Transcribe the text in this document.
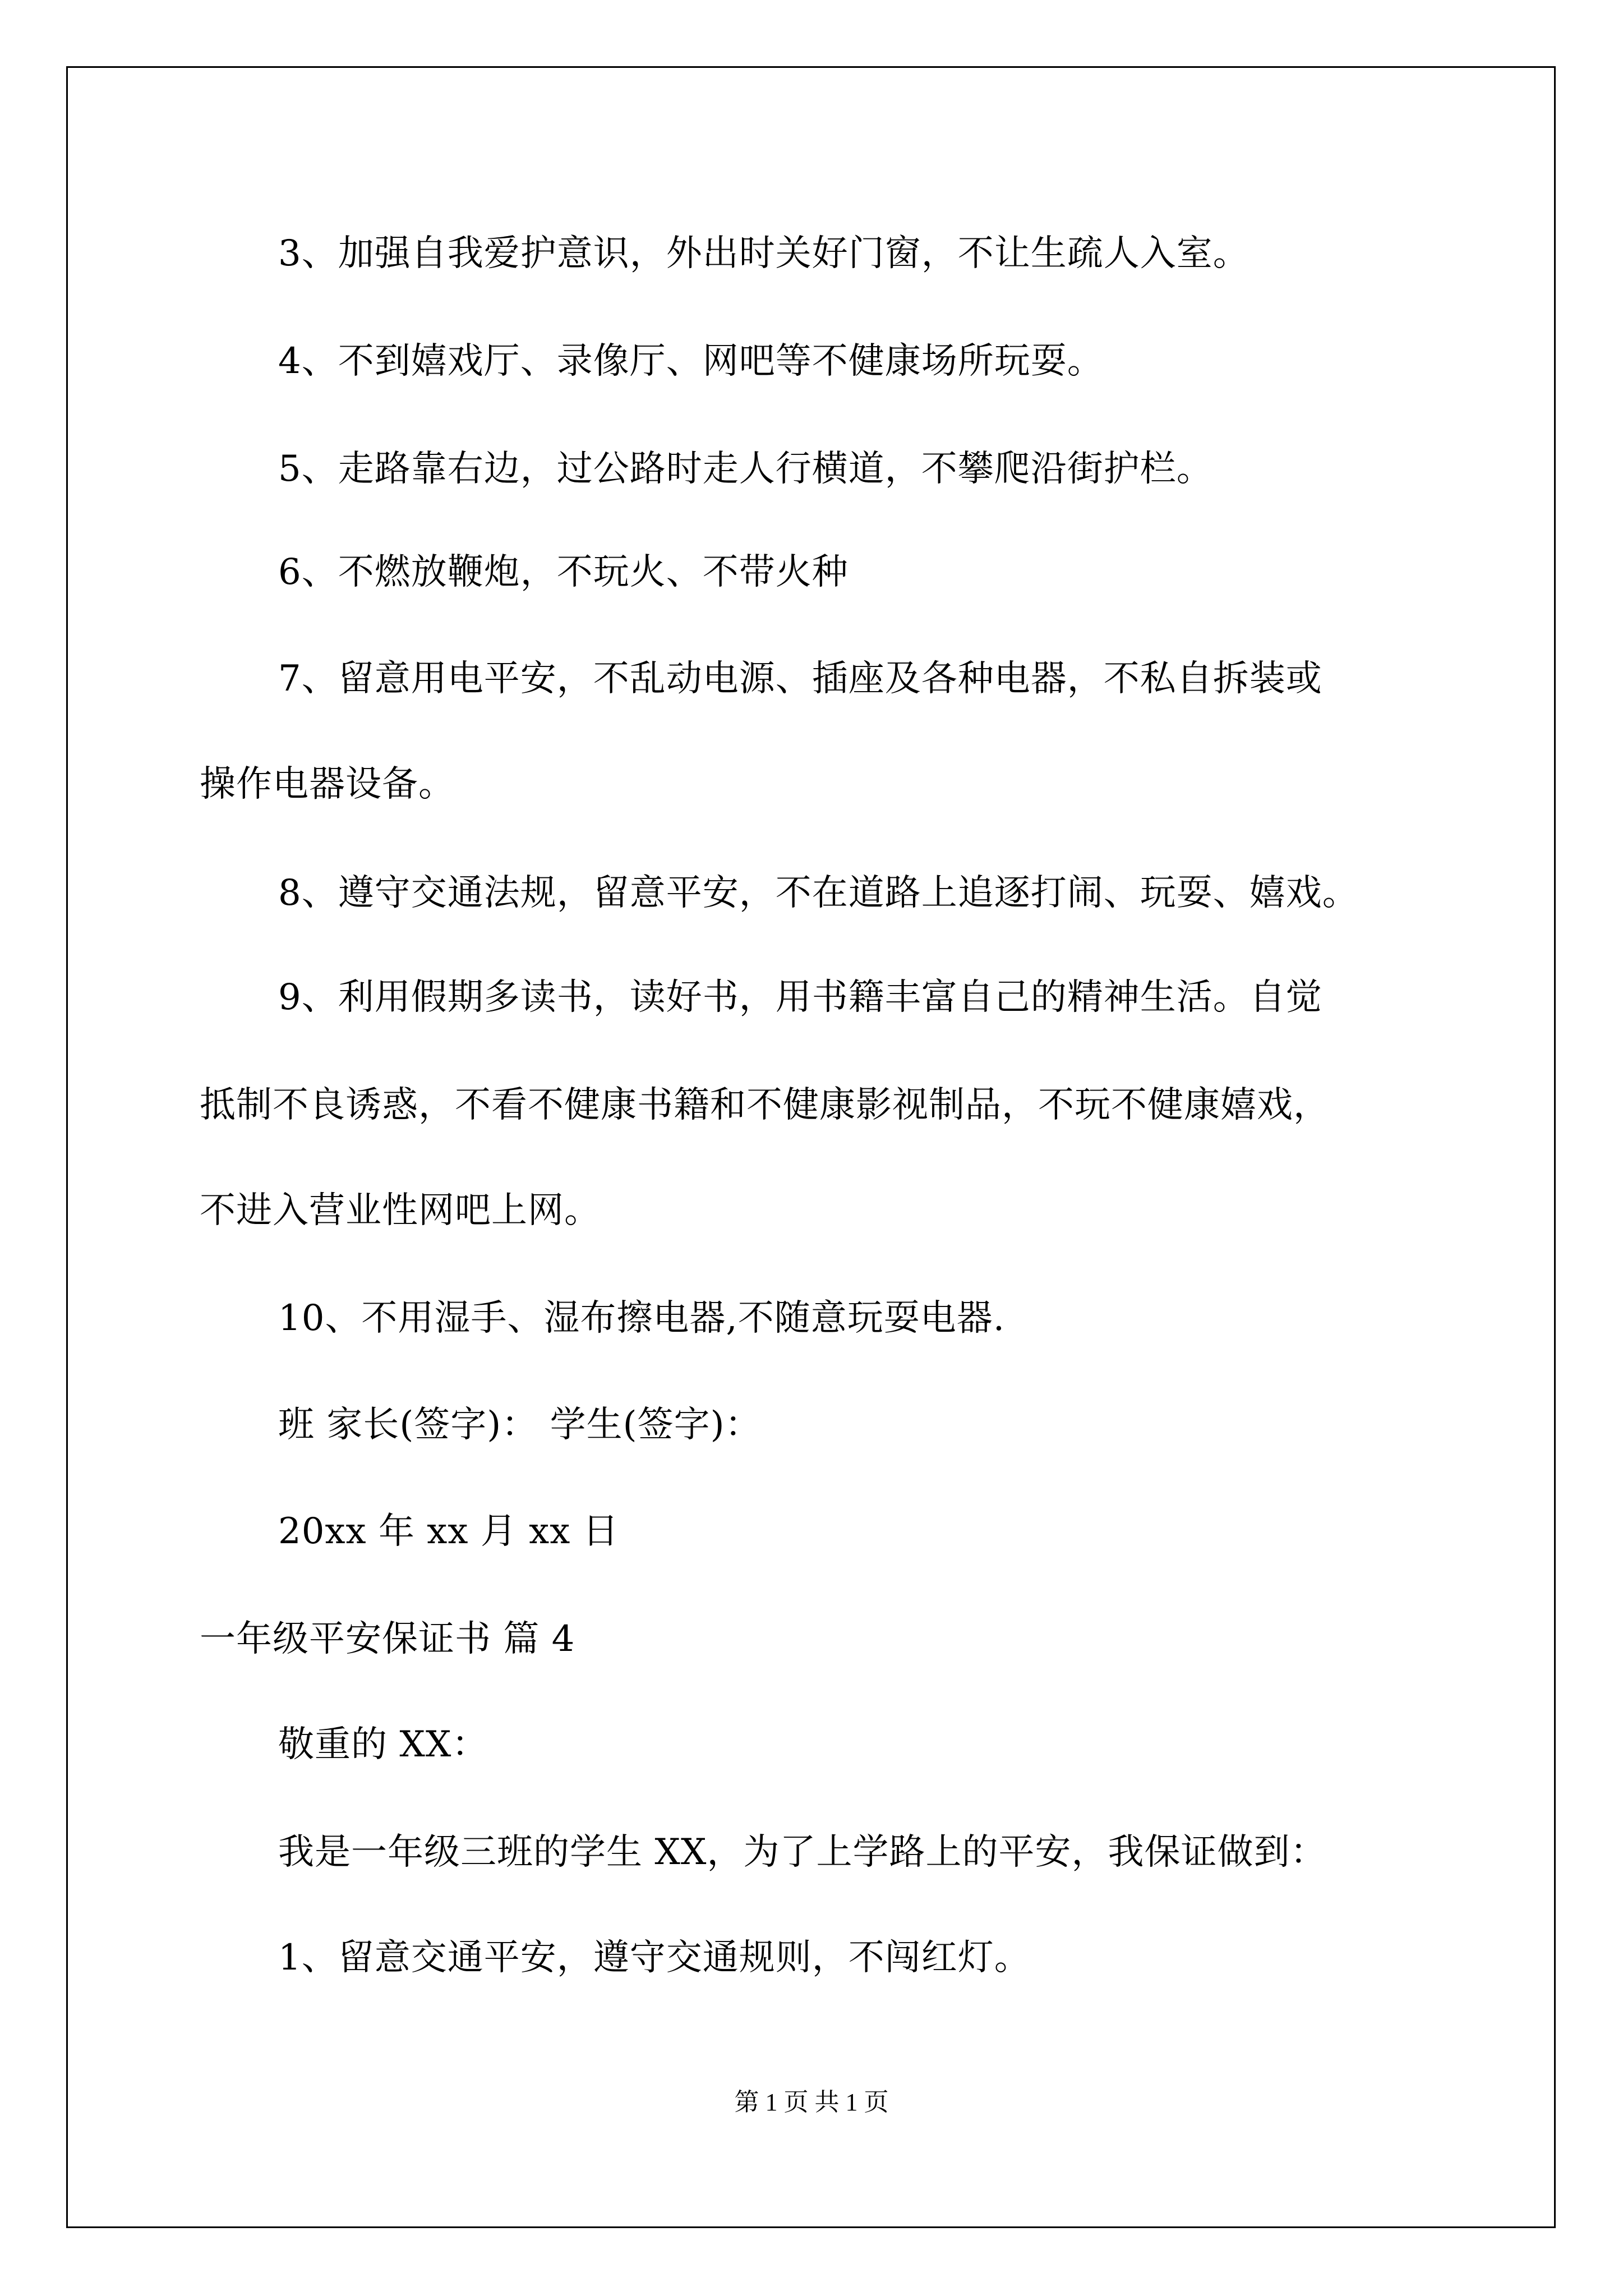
3、加强自我爱护意识，外出时关好门窗，不让生疏人入室。
4、不到嬉戏厅、录像厅、网吧等不健康场所玩耍。
5、走路靠右边，过公路时走人行横道，不攀爬沿街护栏。
6、不燃放鞭炮，不玩火、不带火种
7、留意用电平安，不乱动电源、插座及各种电器，不私自拆装或
操作电器设备。
8、遵守交通法规，留意平安，不在道路上追逐打闹、玩耍、嬉戏。
9、利用假期多读书，读好书，用书籍丰富自己的精神生活。自觉
抵制不良诱惑，不看不健康书籍和不健康影视制品，不玩不健康嬉戏，
不进入营业性网吧上网。
10、不用湿手、湿布擦电器,不随意玩耍电器.
班 家长(签字)： 学生(签字)：
20xx 年 xx 月 xx 日
一年级平安保证书 篇 4
敬重的 XX：
我是一年级三班的学生 XX，为了上学路上的平安，我保证做到：
1、留意交通平安，遵守交通规则，不闯红灯。
第 1 页 共 1 页
